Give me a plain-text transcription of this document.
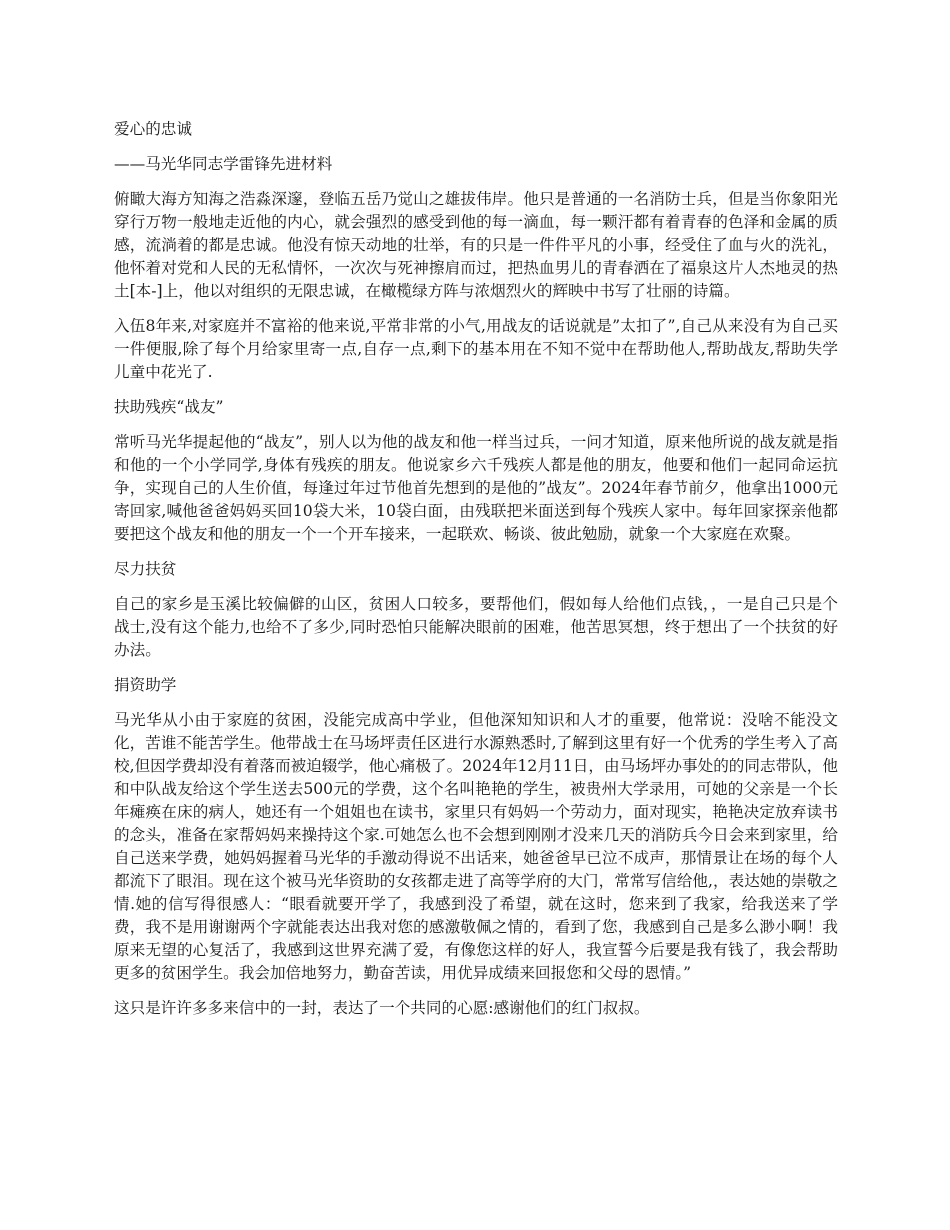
爱心的忠诚

——马光华同志学雷锋先进材料

俯瞰大海方知海之浩淼深邃，登临五岳乃觉山之雄拔伟岸。他只是普通的一名消防士兵，但是当你象阳光穿行万物一般地走近他的内心，就会强烈的感受到他的每一滴血，每一颗汗都有着青春的色泽和金属的质感，流淌着的都是忠诚。他没有惊天动地的壮举，有的只是一件件平凡的小事，经受住了血与火的洗礼，他怀着对党和人民的无私情怀，一次次与死神擦肩而过，把热血男儿的青春洒在了福泉这片人杰地灵的热土[本-]上，他以对组织的无限忠诚，在橄榄绿方阵与浓烟烈火的辉映中书写了壮丽的诗篇。

入伍8年来,对家庭并不富裕的他来说,平常非常的小气,用战友的话说就是”太扣了”,自己从来没有为自己买一件便服,除了每个月给家里寄一点,自存一点,剩下的基本用在不知不觉中在帮助他人,帮助战友,帮助失学儿童中花光了.

扶助残疾“战友”

常听马光华提起他的“战友”，别人以为他的战友和他一样当过兵，一问才知道，原来他所说的战友就是指和他的一个小学同学,身体有残疾的朋友。他说家乡六千残疾人都是他的朋友，他要和他们一起同命运抗争，实现自己的人生价值，每逢过年过节他首先想到的是他的”战友”。2024年春节前夕，他拿出1000元寄回家,喊他爸爸妈妈买回10袋大米，10袋白面，由残联把米面送到每个残疾人家中。每年回家探亲他都要把这个战友和他的朋友一个一个开车接来，一起联欢、畅谈、彼此勉励，就象一个大家庭在欢聚。

尽力扶贫

自己的家乡是玉溪比较偏僻的山区，贫困人口较多，要帮他们，假如每人给他们点钱，，一是自己只是个战士,没有这个能力,也给不了多少,同时恐怕只能解决眼前的困难，他苦思冥想，终于想出了一个扶贫的好办法。

捐资助学

马光华从小由于家庭的贫困，没能完成高中学业，但他深知知识和人才的重要，他常说：没啥不能没文化，苦谁不能苦学生。他带战士在马场坪责任区进行水源熟悉时,了解到这里有好一个优秀的学生考入了高校,但因学费却没有着落而被迫辍学，他心痛极了。2024年12月11日，由马场坪办事处的的同志带队，他和中队战友给这个学生送去500元的学费，这个名叫艳艳的学生，被贵州大学录用，可她的父亲是一个长年瘫痪在床的病人，她还有一个姐姐也在读书，家里只有妈妈一个劳动力，面对现实，艳艳决定放弃读书的念头，准备在家帮妈妈来操持这个家.可她怎么也不会想到刚刚才没来几天的消防兵今日会来到家里，给自己送来学费，她妈妈握着马光华的手激动得说不出话来，她爸爸早已泣不成声，那情景让在场的每个人都流下了眼泪。现在这个被马光华资助的女孩都走进了高等学府的大门，常常写信给他,，表达她的崇敬之情.她的信写得很感人：“眼看就要开学了，我感到没了希望，就在这时，您来到了我家，给我送来了学费，我不是用谢谢两个字就能表达出我对您的感激敬佩之情的，看到了您，我感到自己是多么渺小啊！我原来无望的心复活了，我感到这世界充满了爱，有像您这样的好人，我宣誓今后要是我有钱了，我会帮助更多的贫困学生。我会加倍地努力，勤奋苦读，用优异成绩来回报您和父母的恩情。”

这只是许许多多来信中的一封，表达了一个共同的心愿:感谢他们的红门叔叔。
